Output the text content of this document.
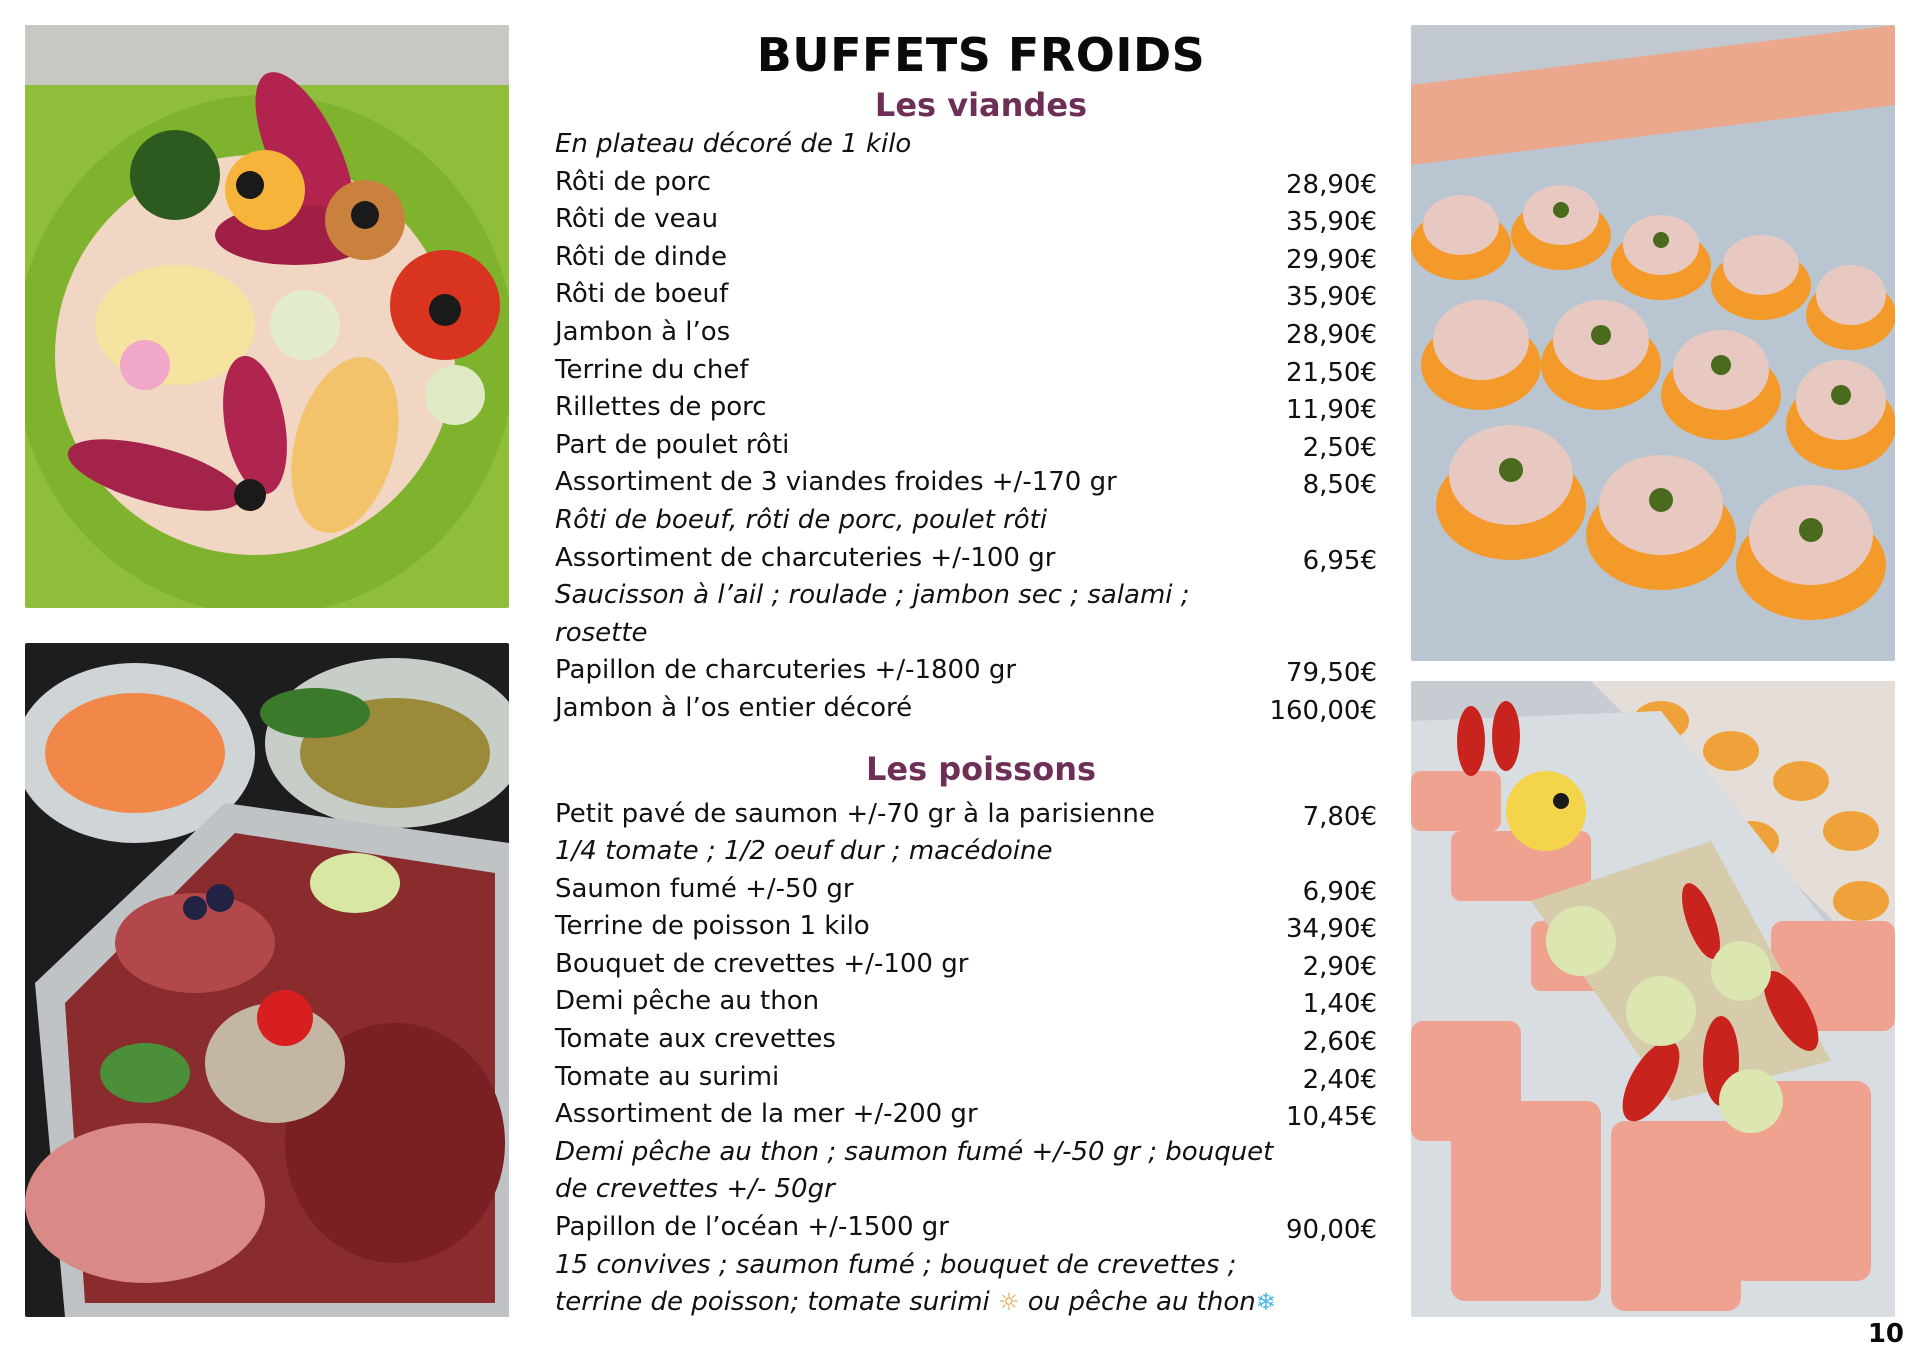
BUFFETS FROIDS
Les viandes
En plateau décoré de 1 kilo
Rôti de porc	28,90€
Rôti de veau	35,90€
Rôti de dinde	29,90€
Rôti de boeuf	35,90€
Jambon à l’os	28,90€
Terrine du chef	21,50€
Rillettes de porc	11,90€
Part de poulet rôti	2,50€
Assortiment de 3 viandes froides +/-170 gr	8,50€
Rôti de boeuf, rôti de porc, poulet rôti
Assortiment de charcuteries +/-100 gr	6,95€
Saucisson à l’ail ; roulade ; jambon sec ; salami ;
rosette
Papillon de charcuteries +/-1800 gr	79,50€
Jambon à l’os entier décoré	160,00€
Les poissons
Petit pavé de saumon +/-70 gr à la parisienne	7,80€
1/4 tomate ; 1/2 oeuf dur ; macédoine
Saumon fumé +/-50 gr	6,90€
Terrine de poisson 1 kilo	34,90€
Bouquet de crevettes +/-100 gr	2,90€
Demi pêche au thon	1,40€
Tomate aux crevettes	2,60€
Tomate au surimi	2,40€
Assortiment de la mer +/-200 gr	10,45€
Demi pêche au thon ; saumon fumé +/-50 gr ; bouquet
de crevettes +/- 50gr
Papillon de l’océan +/-1500 gr	90,00€
15 convives ; saumon fumé ; bouquet de crevettes ;
terrine de poisson; tomate surimi ☼ ou pêche au thon❄
10
